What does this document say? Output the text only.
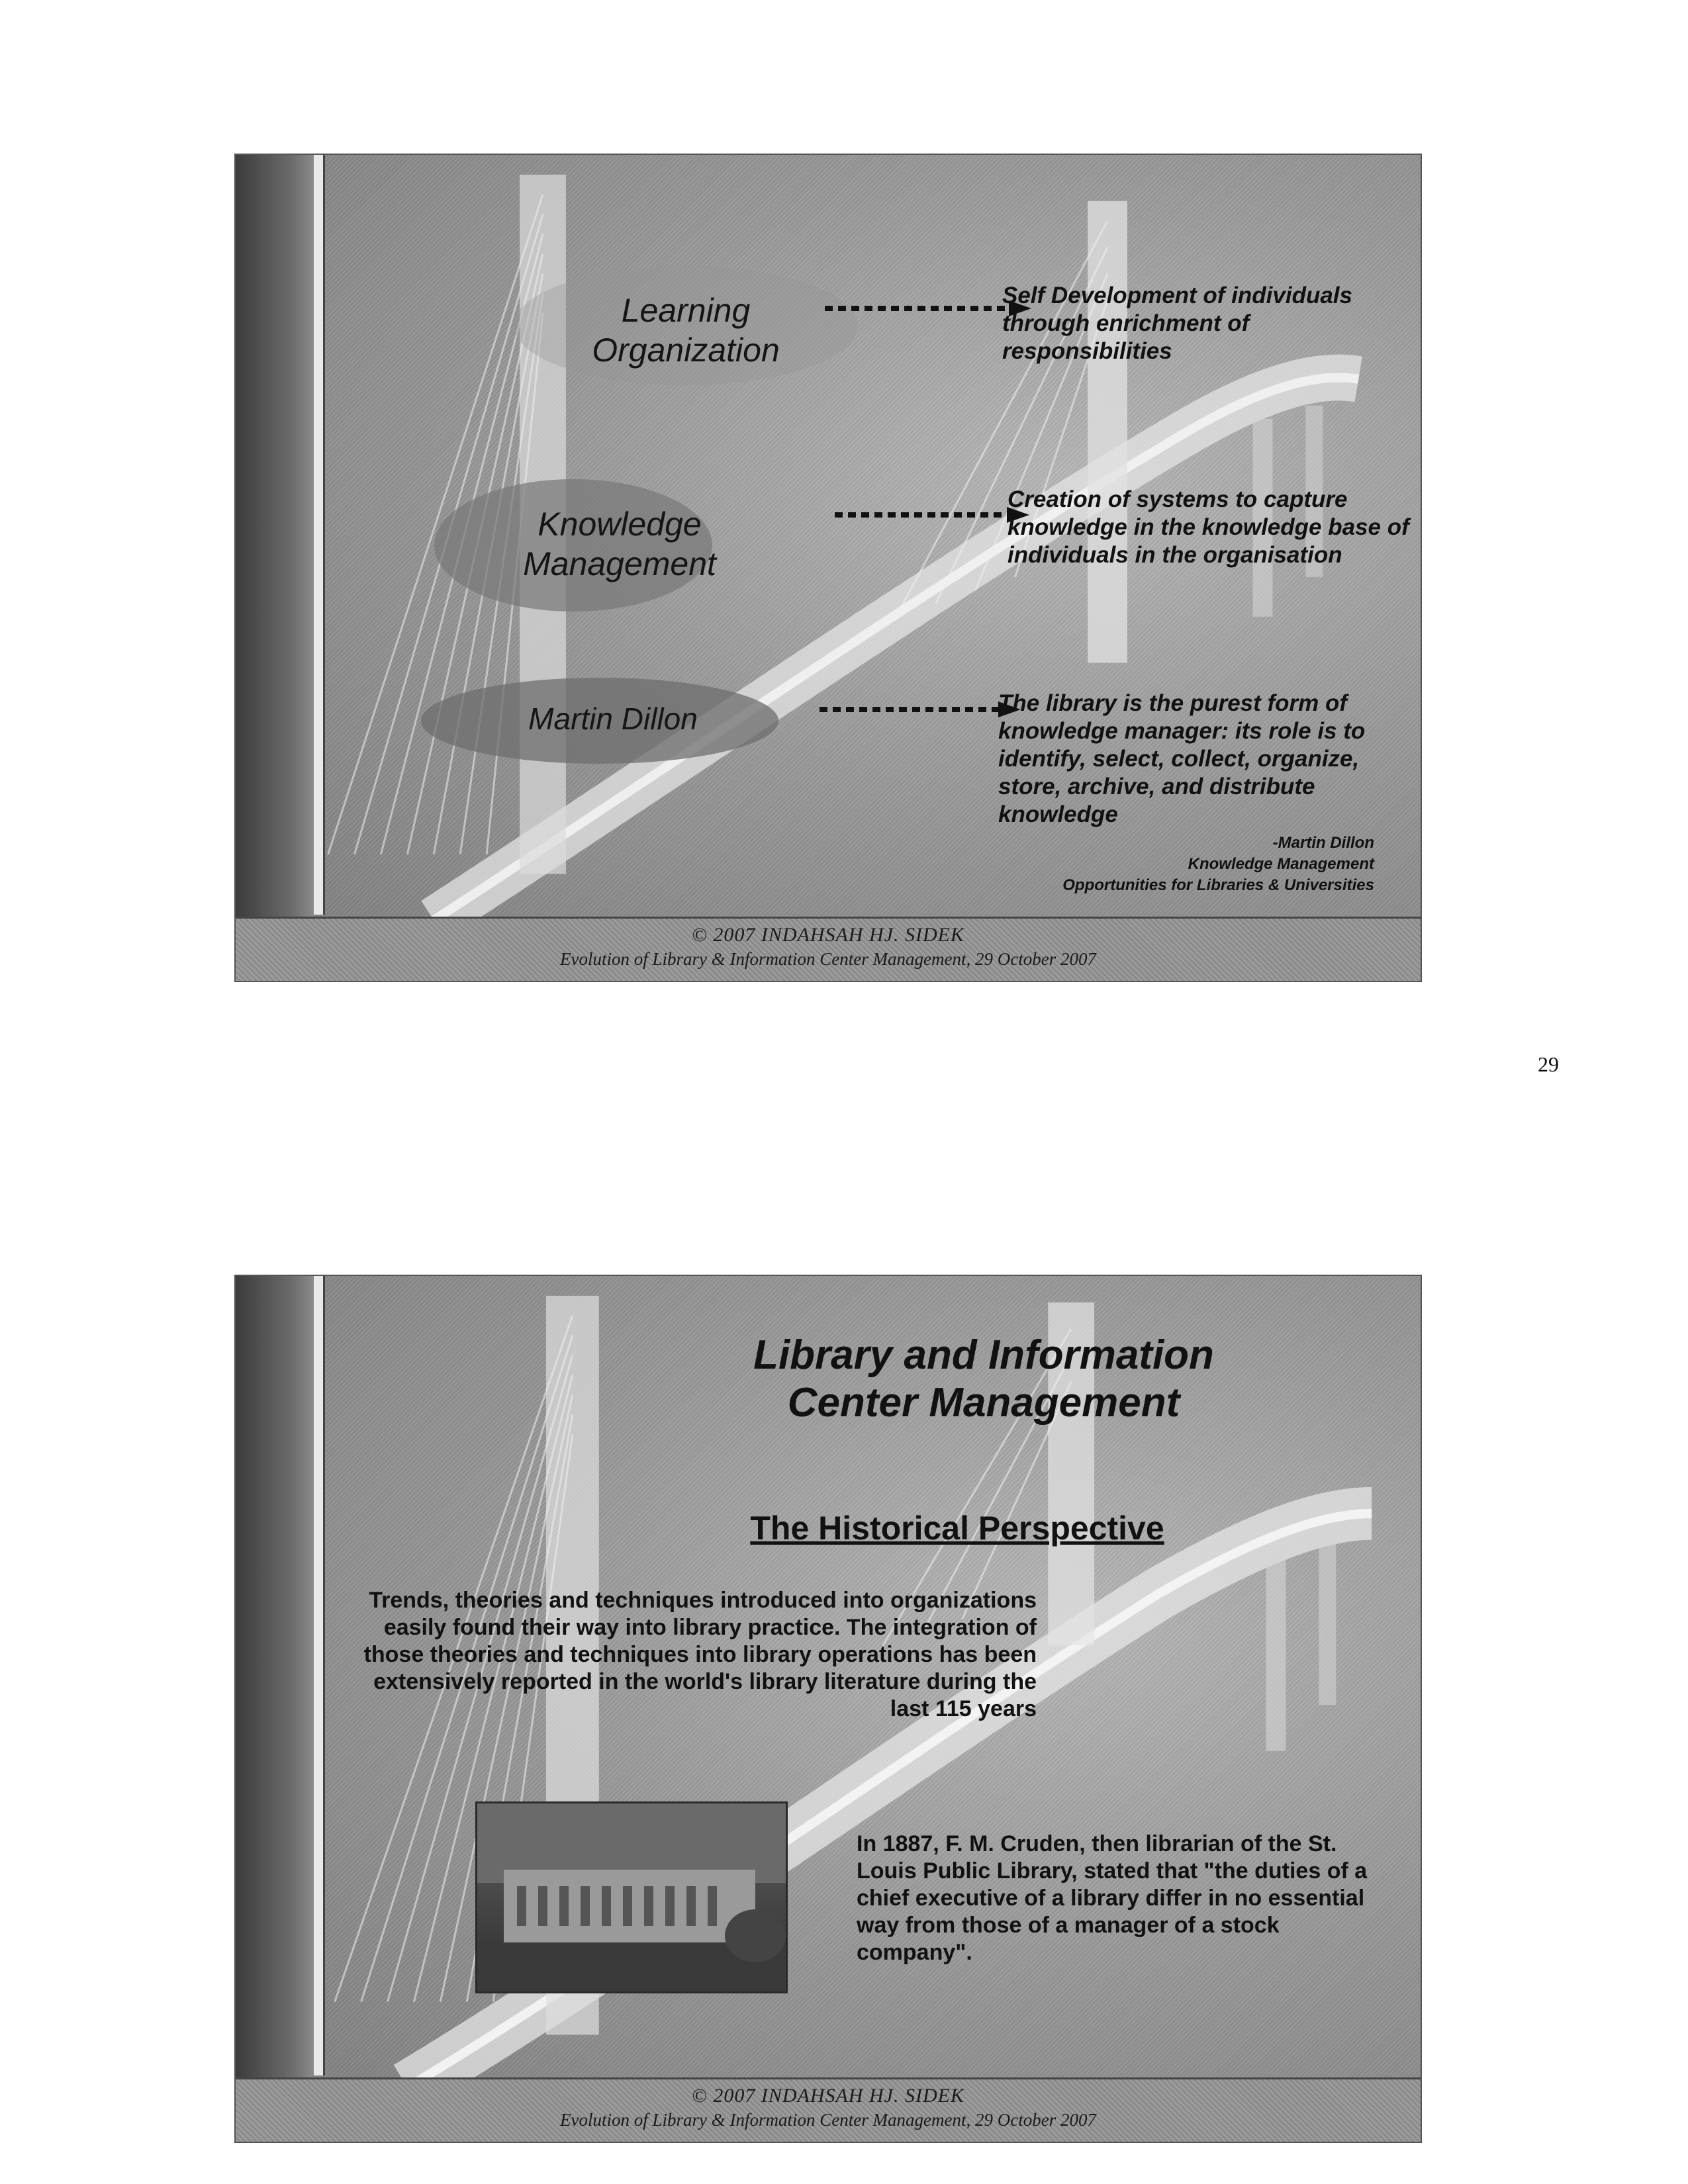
Learning
Organization
Self Development of individuals through enrichment of responsibilities
Knowledge
Management
Creation of systems to capture knowledge in the knowledge base of individuals in the organisation
Martin Dillon	The library is the purest form of knowledge manager: its role is to identify, select, collect, organize, store, archive, and distribute knowledge
-Martin Dillon
Knowledge Management
Opportunities for Libraries & Universities
© 2007 INDAHSAH HJ. SIDEK
Evolution of Library & Information Center Management, 29 October 2007
29
Library and Information
Center Management
The Historical Perspective
Trends, theories and techniques introduced into organizations easily found their way into library practice. The integration of those theories and techniques into library operations has been extensively reported in the world's library literature during the last 115 years
In 1887, F. M. Cruden, then librarian of the St. Louis Public Library, stated that "the duties of a chief executive of a library differ in no essential way from those of a manager of a stock company".
© 2007 INDAHSAH HJ. SIDEK
Evolution of Library & Information Center Management, 29 October 2007
